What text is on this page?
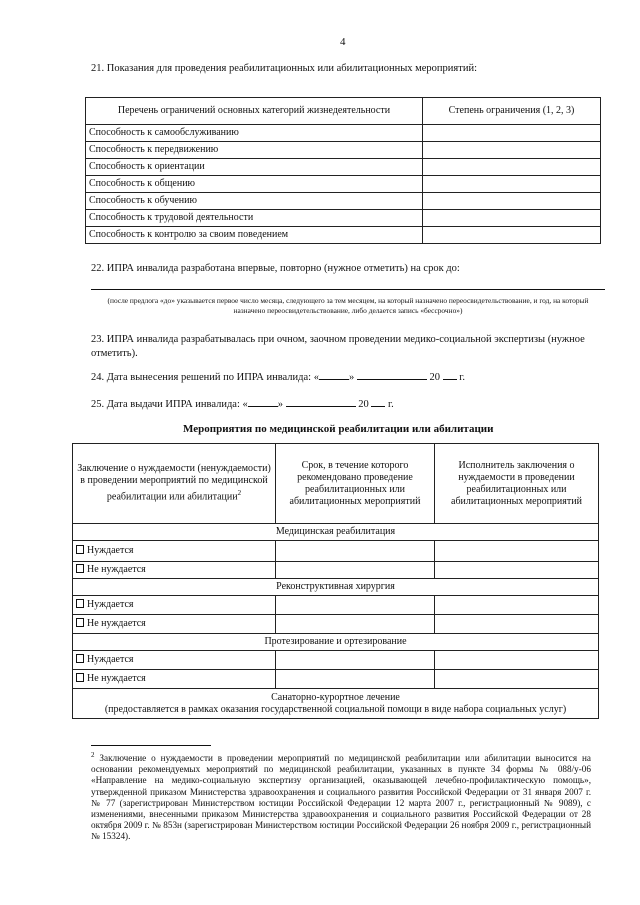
4
21. Показания для проведения реабилитационных или абилитационных мероприятий:
Перечень ограничений основных категорий жизнедеятельности	Степень ограничения (1, 2, 3)
Способность к самообслуживанию	
Способность к передвижению	
Способность к ориентации	
Способность к общению	
Способность к обучению	
Способность к трудовой деятельности	
Способность к контролю за своим поведением	
22. ИПРА инвалида разработана впервые, повторно (нужное отметить) на срок до:
(после предлога «до» указывается первое число месяца, следующего за тем месяцем, на который назначено переосвидетельствование, и год, на который назначено переосвидетельствование, либо делается запись «бессрочно»)
23. ИПРА инвалида разрабатывалась при очном, заочном проведении медико-социальной экспертизы (нужное отметить).
24. Дата вынесения решений по ИПРА инвалида: «	»	20 г.
25. Дата выдачи ИПРА инвалида: «	»	20 г.
Мероприятия по медицинской реабилитации или абилитации
Заключение о нуждаемости (ненуждаемости) в проведении мероприятий по медицинской реабилитации или абилитации$^2$	Срок, в течение которого рекомендовано проведение реабилитационных или абилитационных мероприятий	Исполнитель заключения о нуждаемости в проведении реабилитационных или абилитационных мероприятий
Медицинская реабилитация		
Нуждается		
Не нуждается		
Реконструктивная хирургия		
Нуждается		
Не нуждается		
Протезирование и ортезирование		
Нуждается		
Не нуждается		

Санаторно-курортное лечение
(предоставляется в рамках оказания государственной социальной помощи в виде набора социальных услуг)		
$^2$ Заключение о нуждаемости в проведении мероприятий по медицинской реабилитации или абилитации выносится на основании рекомендуемых мероприятий по медицинской реабилитации, указанных в пункте 34 формы № 088/у-06 «Направление на медико-социальную экспертизу организацией, оказывающей лечебно-профилактическую помощь», утвержденной приказом Министерства здравоохранения и социального развития Российской Федерации от 31 января 2007 г. № 77 (зарегистрирован Министерством юстиции Российской Федерации 12 марта 2007 г., регистрационный № 9089), с изменениями, внесенными приказом Министерства здравоохранения и социального развития Российской Федерации от 28 октября 2009 г. № 853н (зарегистрирован Министерством юстиции Российской Федерации 26 ноября 2009 г., регистрационный № 15324).
